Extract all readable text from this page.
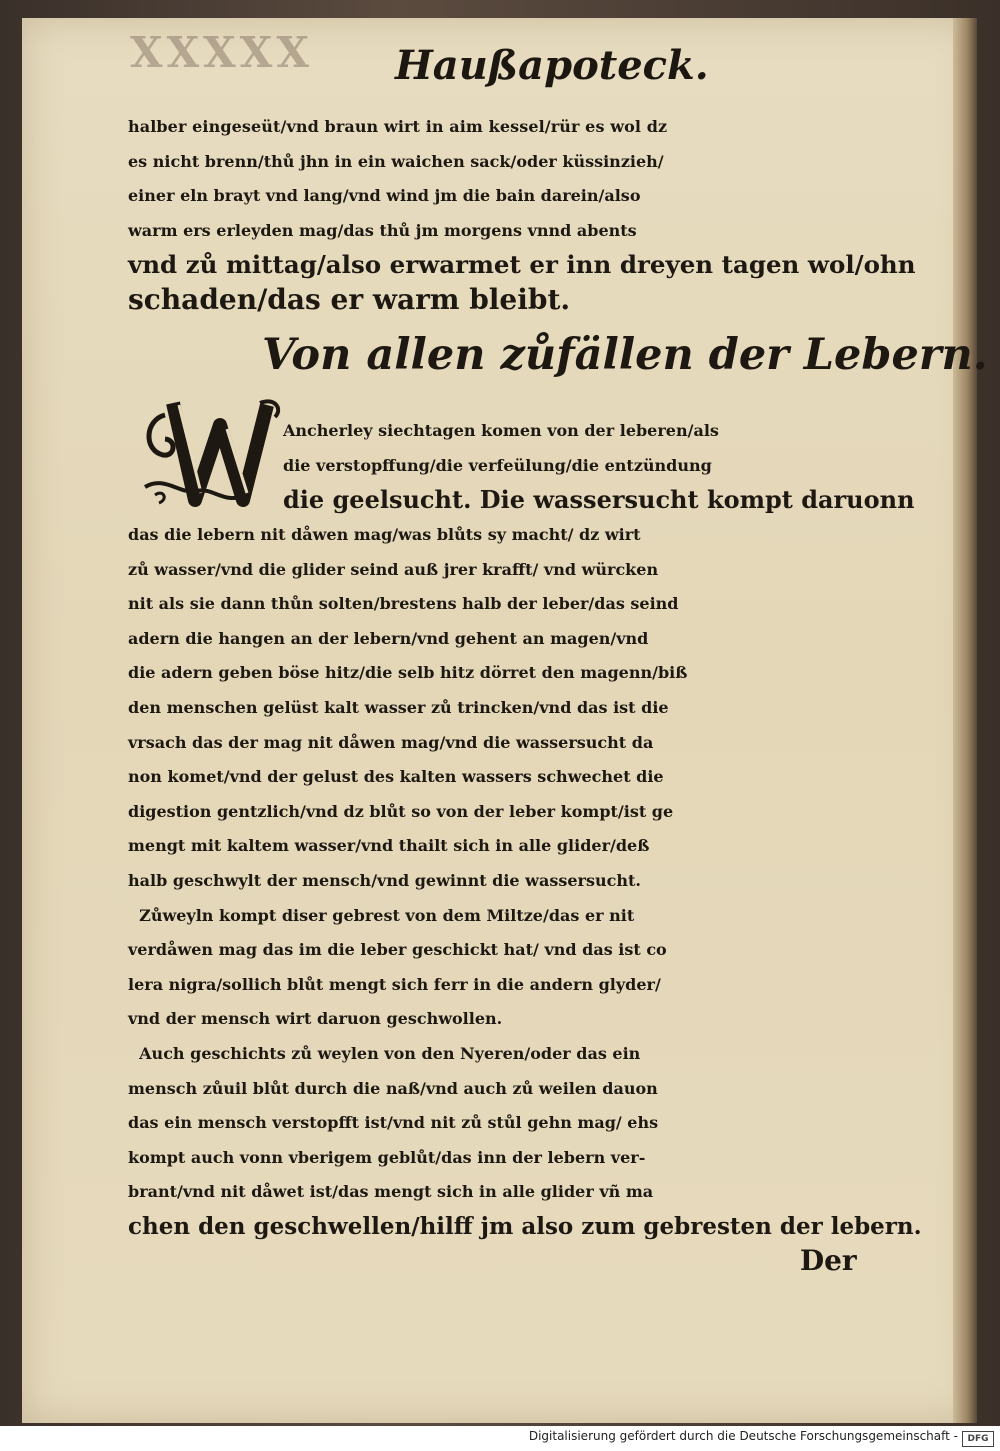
XXXXX Haußapoteck.
halber eingeseüt/vnd braun wirt in aim kessel/rür es wol dz
es nicht brenn/thů jhn in ein waichen sack/oder küssinzieh/
einer eln brayt vnd lang/vnd wind jm die bain darein/also
warm ers erleyden mag/das thů jm morgens vnnd abents
vnd zů mittag/also erwarmet er inn dreyen tagen wol/ohn
schaden/das er warm bleibt.
Von allen zůfällen der Lebern.
Ancherley siechtagen komen von der leberen/als
die verstopffung/die verfeülung/die entzündung
die geelsucht. Die wassersucht kompt daruonn
das die lebern nit dåwen mag/was blůts sy macht/ dz wirt
zů wasser/vnd die glider seind auß jrer krafft/ vnd würcken
nit als sie dann thůn solten/brestens halb der leber/das seind
adern die hangen an der lebern/vnd gehent an magen/vnd
die adern geben böse hitz/die selb hitz dörret den magenn/biß
den menschen gelüst kalt wasser zů trincken/vnd das ist die
vrsach das der mag nit dåwen mag/vnd die wassersucht da
non komet/vnd der gelust des kalten wassers schwechet die
digestion gentzlich/vnd dz blůt so von der leber kompt/ist ge
mengt mit kaltem wasser/vnd thailt sich in alle glider/deß
halb geschwylt der mensch/vnd gewinnt die wassersucht.
Zůweyln kompt diser gebrest von dem Miltze/das er nit
verdåwen mag das im die leber geschickt hat/ vnd das ist co
lera nigra/sollich blůt mengt sich ferr in die andern glyder/
vnd der mensch wirt daruon geschwollen.
Auch geschichts zů weylen von den Nyeren/oder das ein
mensch zůuil blůt durch die naß/vnd auch zů weilen dauon
das ein mensch verstopfft ist/vnd nit zů stůl gehn mag/ ehs
kompt auch vonn vberigem geblůt/das inn der lebern ver-
brant/vnd nit dåwet ist/das mengt sich in alle glider vñ ma
chen den geschwellen/hilff jm also zum gebresten der lebern.
Der
Digitalisierung gefördert durch die Deutsche Forschungsgemeinschaft -	DFG
